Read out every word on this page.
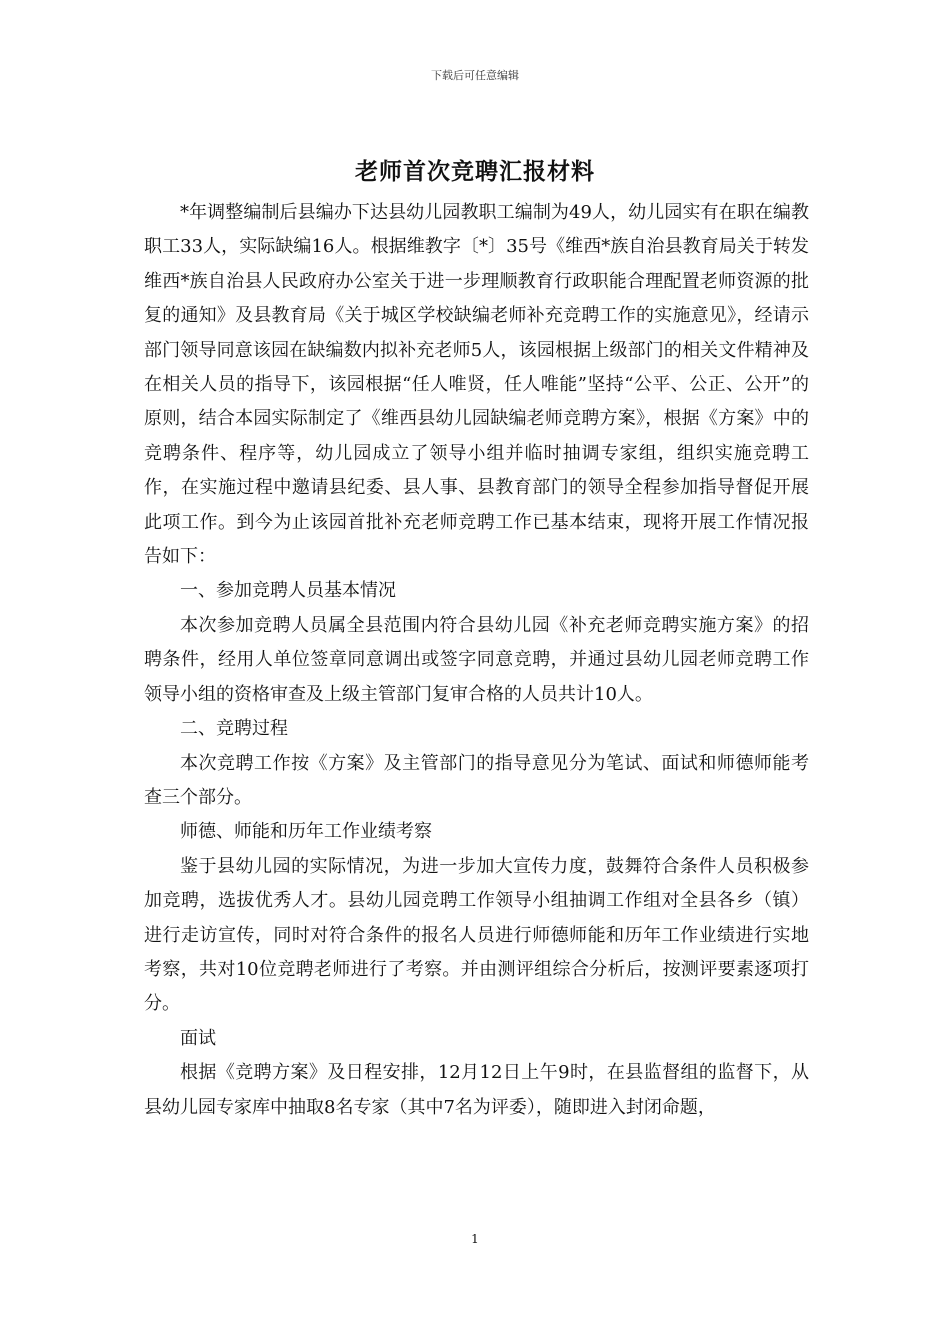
下载后可任意编辑
老师首次竞聘汇报材料

*年调整编制后县编办下达县幼儿园教职工编制为49人，幼儿园实有在职在编教职工33人，实际缺编16人。根据维教字〔*〕35号《维西*族自治县教育局关于转发维西*族自治县人民政府办公室关于进一步理顺教育行政职能合理配置老师资源的批复的通知》及县教育局《关于城区学校缺编老师补充竞聘工作的实施意见》，经请示部门领导同意该园在缺编数内拟补充老师5人，该园根据上级部门的相关文件精神及在相关人员的指导下，该园根据“任人唯贤，任人唯能”坚持“公平、公正、公开”的原则，结合本园实际制定了《维西县幼儿园缺编老师竞聘方案》，根据《方案》中的竞聘条件、程序等，幼儿园成立了领导小组并临时抽调专家组，组织实施竞聘工作，在实施过程中邀请县纪委、县人事、县教育部门的领导全程参加指导督促开展此项工作。到今为止该园首批补充老师竞聘工作已基本结束，现将开展工作情况报告如下：

一、参加竞聘人员基本情况

本次参加竞聘人员属全县范围内符合县幼儿园《补充老师竞聘实施方案》的招聘条件，经用人单位签章同意调出或签字同意竞聘，并通过县幼儿园老师竞聘工作领导小组的资格审查及上级主管部门复审合格的人员共计10人。

二、竞聘过程

本次竞聘工作按《方案》及主管部门的指导意见分为笔试、面试和师德师能考查三个部分。

师德、师能和历年工作业绩考察

鉴于县幼儿园的实际情况，为进一步加大宣传力度，鼓舞符合条件人员积极参加竞聘，选拔优秀人才。县幼儿园竞聘工作领导小组抽调工作组对全县各乡（镇）进行走访宣传，同时对符合条件的报名人员进行师德师能和历年工作业绩进行实地考察，共对10位竞聘老师进行了考察。并由测评组综合分析后，按测评要素逐项打分。

面试

根据《竞聘方案》及日程安排，12月12日上午9时，在县监督组的监督下，从县幼儿园专家库中抽取8名专家（其中7名为评委），随即进入封闭命题，

1
